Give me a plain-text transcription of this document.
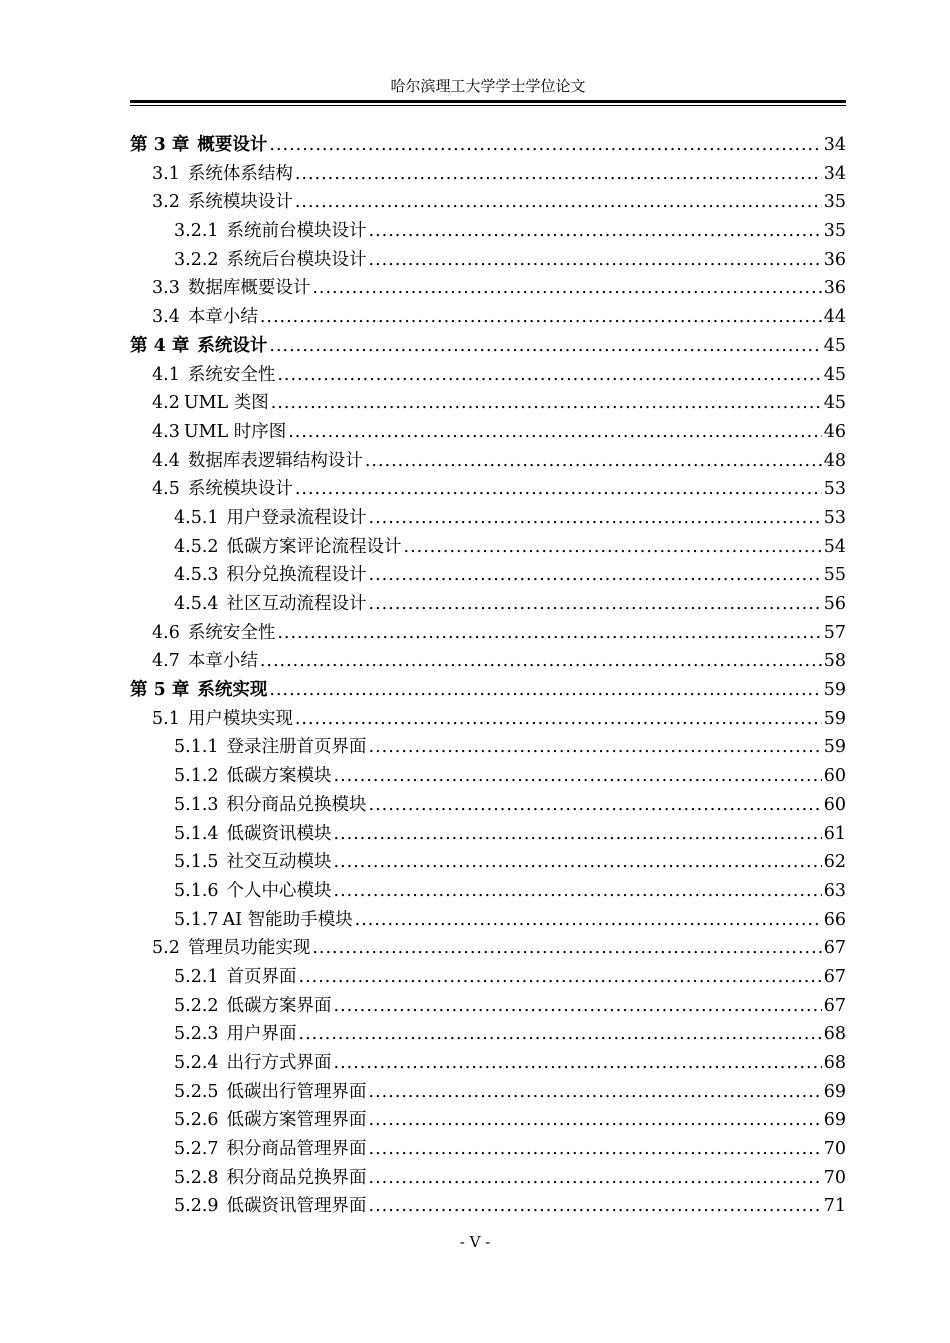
哈尔滨理工大学学士学位论文
第 3 章 概要设计 .....	34
3.1 系统体系结构 .....	34
3.2 系统模块设计 .....	35
3.2.1 系统前台模块设计 .....	35
3.2.2 系统后台模块设计 .....	36
3.3 数据库概要设计 .....	36
3.4 本章小结 .....	44
第 4 章 系统设计 .....	45
4.1 系统安全性 .....	45
4.2 UML 类图 .....	45
4.3 UML 时序图 .....	46
4.4 数据库表逻辑结构设计 .....	48
4.5 系统模块设计 .....	53
4.5.1 用户登录流程设计 .....	53
4.5.2 低碳方案评论流程设计 .....	54
4.5.3 积分兑换流程设计 .....	55
4.5.4 社区互动流程设计 .....	56
4.6 系统安全性 .....	57
4.7 本章小结 .....	58
第 5 章 系统实现 .....	59
5.1 用户模块实现 .....	59
5.1.1 登录注册首页界面 .....	59
5.1.2 低碳方案模块 .....	60
5.1.3 积分商品兑换模块 .....	60
5.1.4 低碳资讯模块 .....	61
5.1.5 社交互动模块 .....	62
5.1.6 个人中心模块 .....	63
5.1.7 AI 智能助手模块 .....	66
5.2 管理员功能实现 .....	67
5.2.1 首页界面 .....	67
5.2.2 低碳方案界面 .....	67
5.2.3 用户界面 .....	68
5.2.4 出行方式界面 .....	68
5.2.5 低碳出行管理界面 .....	69
5.2.6 低碳方案管理界面 .....	69
5.2.7 积分商品管理界面 .....	70
5.2.8 积分商品兑换界面 .....	70
5.2.9 低碳资讯管理界面 .....	71
- V -
